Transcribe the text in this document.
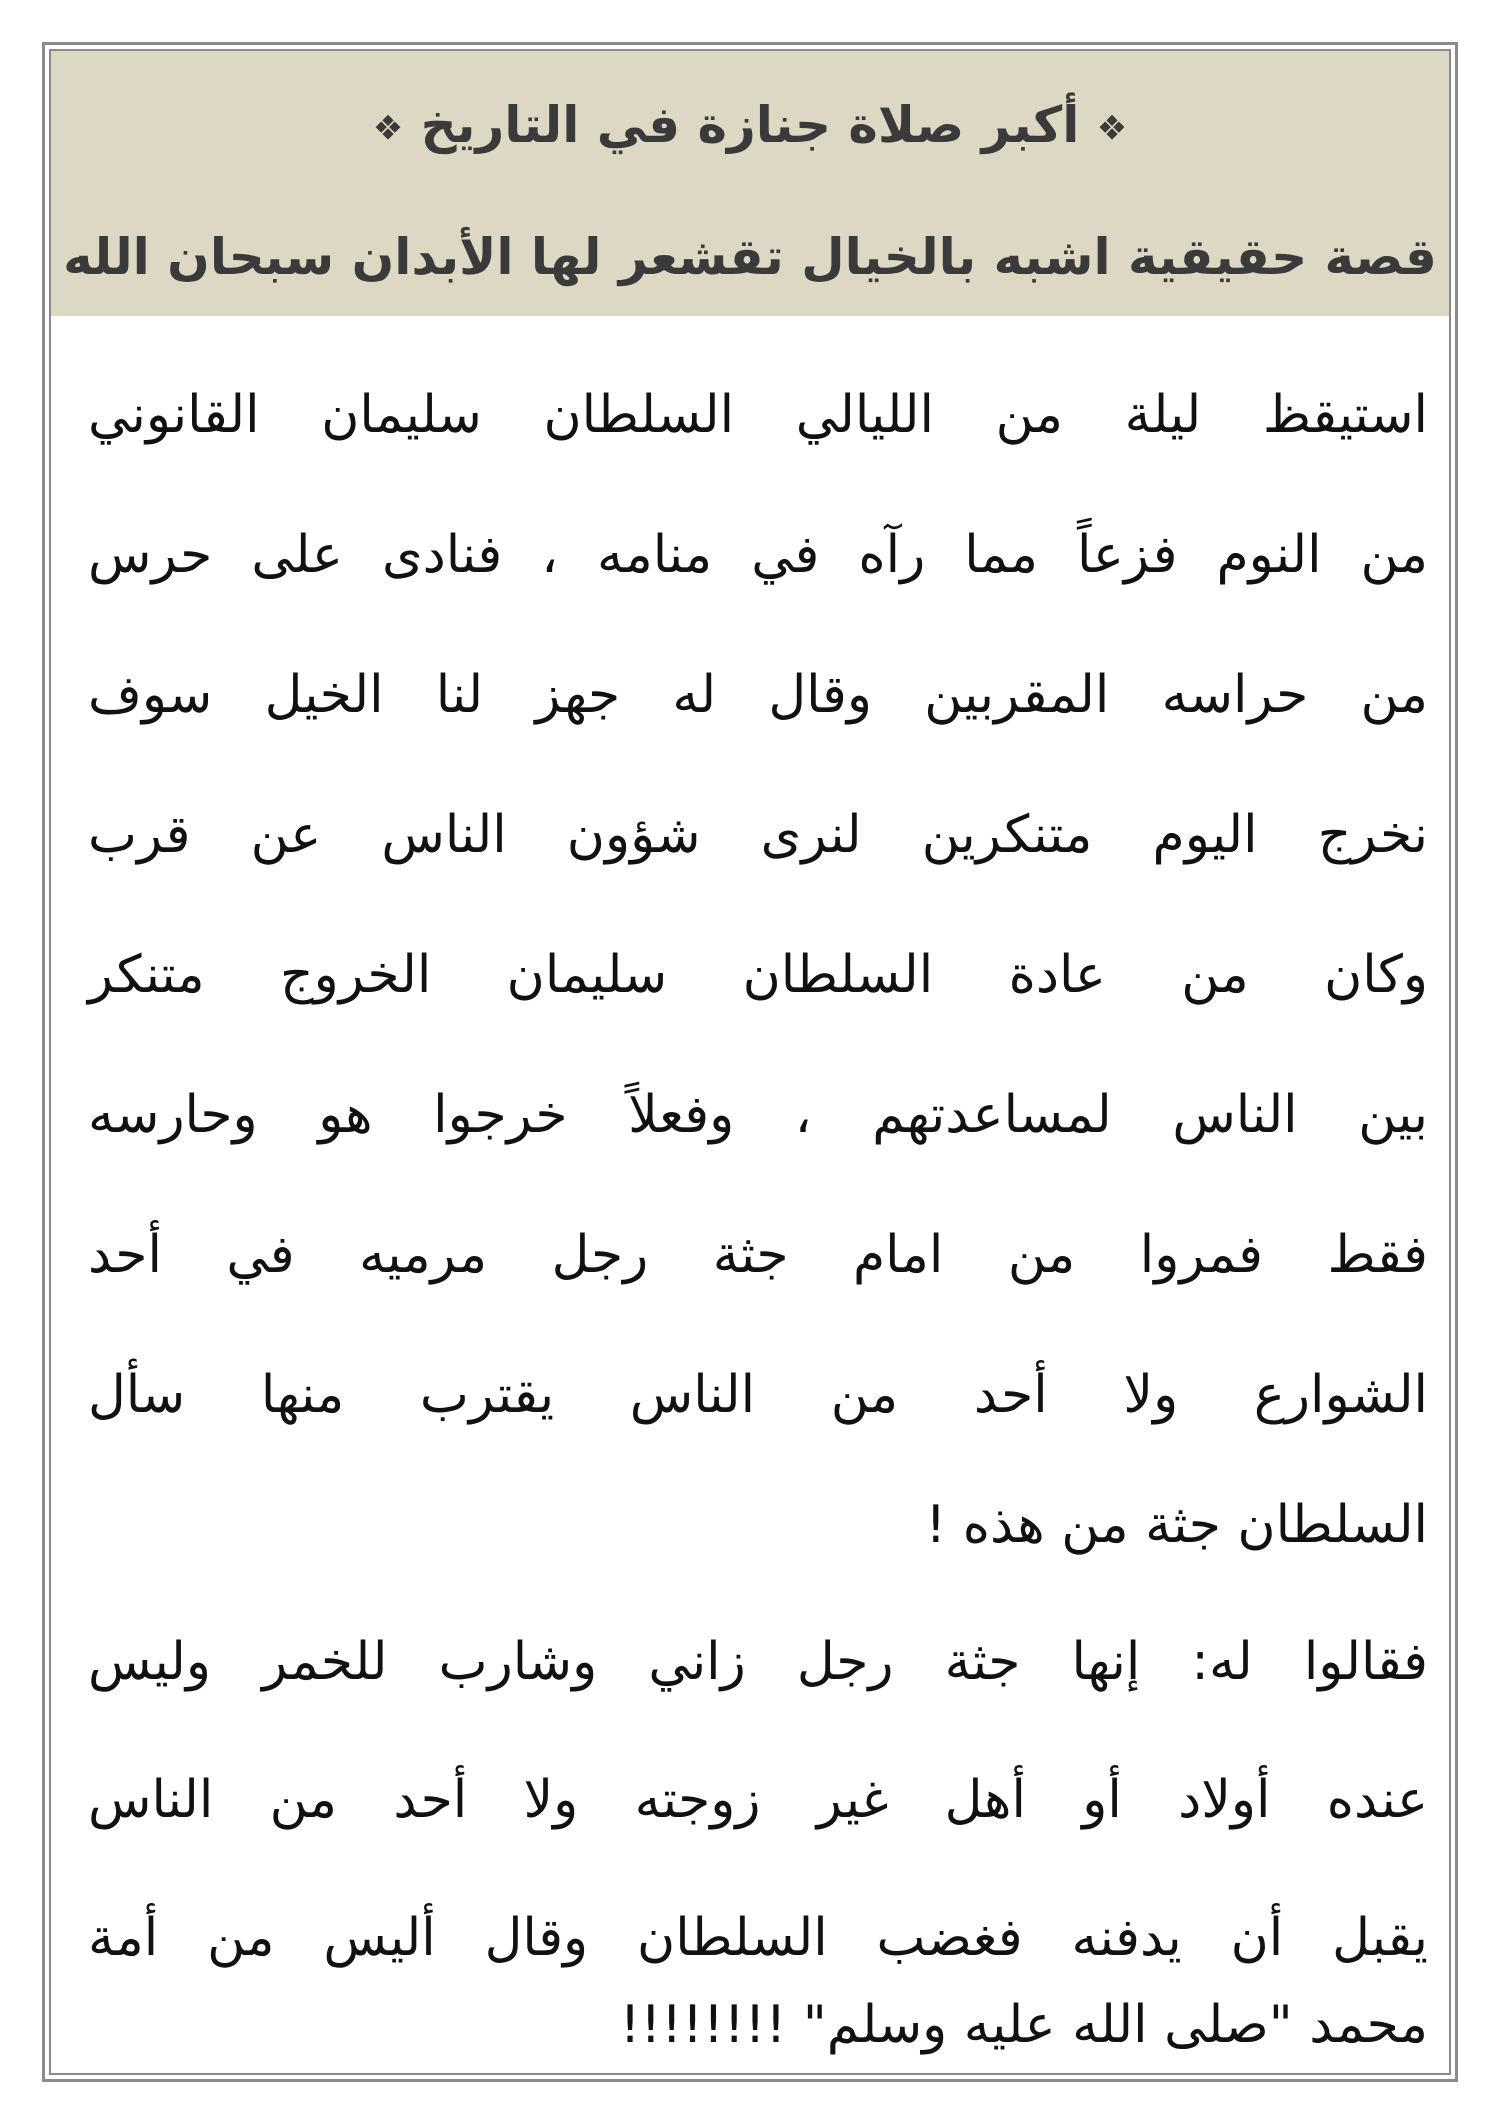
❖ أكبر صلاة جنازة في التاريخ ❖
قصة حقيقية اشبه بالخيال تقشعر لها الأبدان سبحان الله
استيقظ ليلة من الليالي السلطان سليمان القانوني
من النوم فزعاً مما رآه في منامه ، فنادى على حرس
من حراسه المقربين وقال له جهز لنا الخيل سوف
نخرج اليوم متنكرين لنرى شؤون الناس عن قرب
وكان من عادة السلطان سليمان الخروج متنكر
بين الناس لمساعدتهم ، وفعلاً خرجوا هو وحارسه
فقط فمروا من امام جثة رجل مرميه في أحد
الشوارع ولا أحد من الناس يقترب منها سأل
السلطان جثة من هذه !
فقالوا له: إنها جثة رجل زاني وشارب للخمر وليس
عنده أولاد أو أهل غير زوجته ولا أحد من الناس
يقبل أن يدفنه فغضب السلطان وقال أليس من أمة
محمد "صلى الله عليه وسلم" !!!!!!!!
